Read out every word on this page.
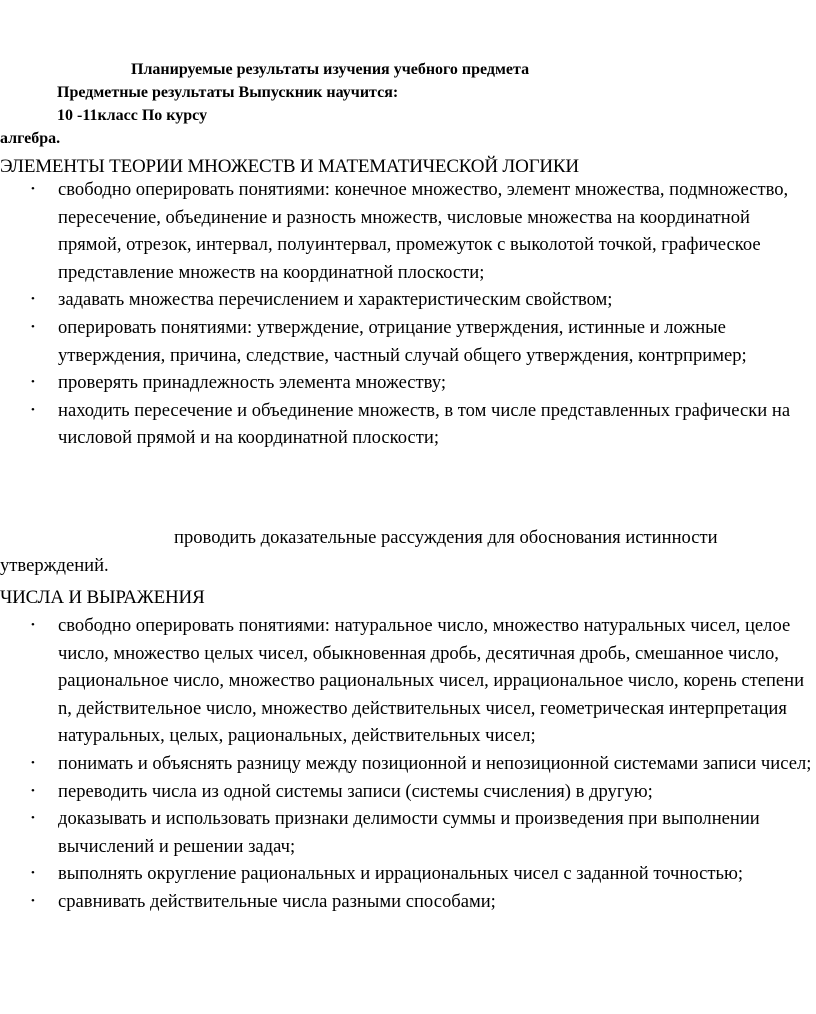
Планируемые результаты изучения учебного предмета
Предметные результаты Выпускник научится:
10 -11класс По курсу
алгебра.
ЭЛЕМЕНТЫ ТЕОРИИ МНОЖЕСТВ И МАТЕМАТИЧЕСКОЙ ЛОГИКИ
• свободно оперировать понятиями: конечное множество, элемент множества, подмножество, пересечение, объединение и разность множеств, числовые множества на координатной прямой, отрезок, интервал, полуинтервал, промежуток с выколотой точкой, графическое представление множеств на координатной плоскости;
• задавать множества перечислением и характеристическим свойством;
• оперировать понятиями: утверждение, отрицание утверждения, истинные и ложные утверждения, причина, следствие, частный случай общего утверждения, контрпример;
• проверять принадлежность элемента множеству;
• находить пересечение и объединение множеств, в том числе представленных графически на числовой прямой и на координатной плоскости;
проводить доказательные рассуждения для обоснования истинности
утверждений.
ЧИСЛА И ВЫРАЖЕНИЯ
• свободно оперировать понятиями: натуральное число, множество натуральных чисел, целое число, множество целых чисел, обыкновенная дробь, десятичная дробь, смешанное число, рациональное число, множество рациональных чисел, иррациональное число, корень степени n, действительное число, множество действительных чисел, геометрическая интерпретация натуральных, целых, рациональных, действительных чисел;
• понимать и объяснять разницу между позиционной и непозиционной системами записи чисел;
• переводить числа из одной системы записи (системы счисления) в другую;
• доказывать и использовать признаки делимости суммы и произведения при выполнении вычислений и решении задач;
• выполнять округление рациональных и иррациональных чисел с заданной точностью;
• сравнивать действительные числа разными способами;
